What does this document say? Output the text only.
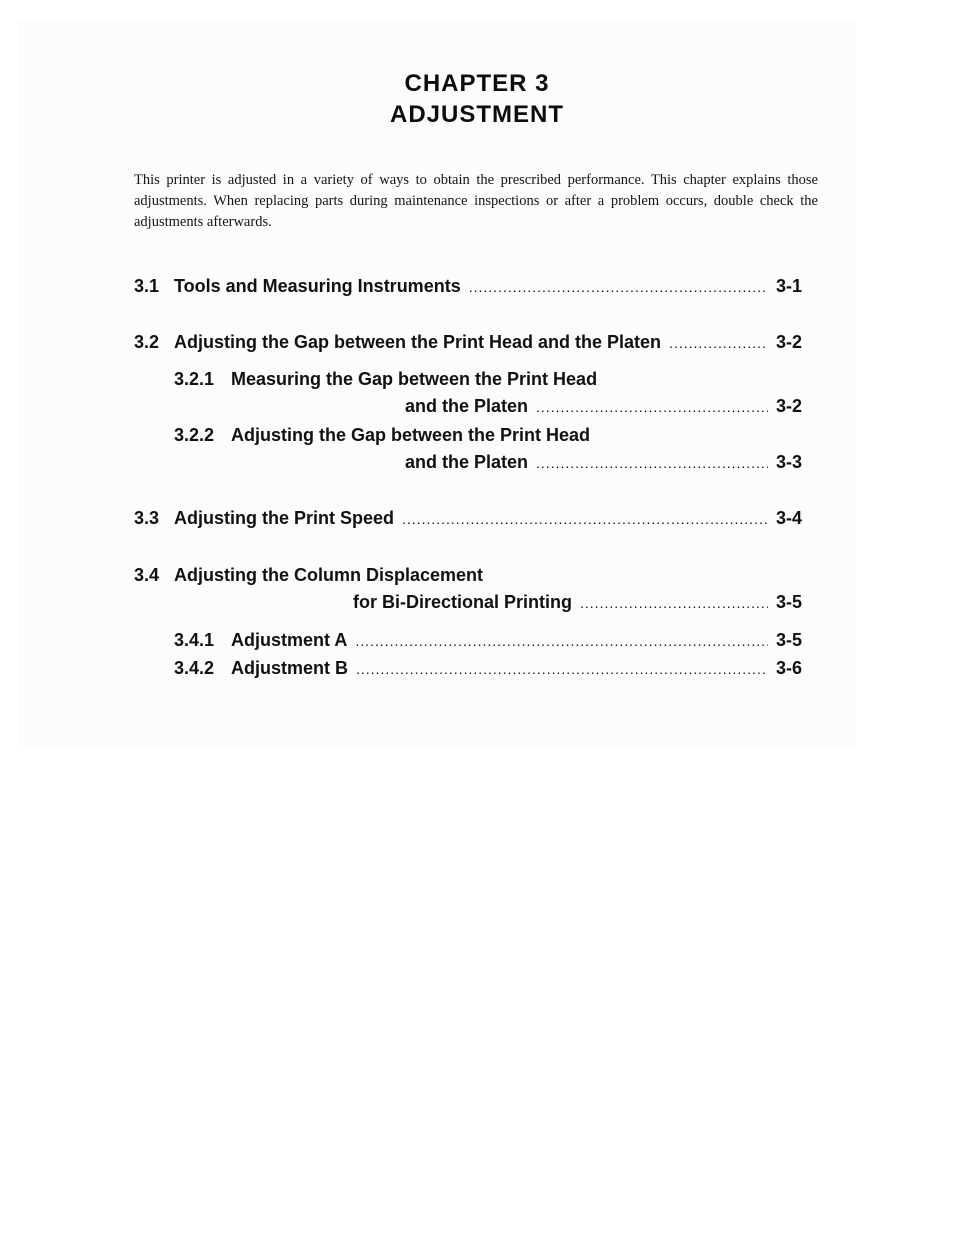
CHAPTER 3
ADJUSTMENT
This printer is adjusted in a variety of ways to obtain the prescribed performance. This chapter explains those adjustments. When replacing parts during maintenance inspections or after a problem occurs, double check the adjustments afterwards.
3.1 Tools and Measuring Instruments .....	3-1
3.2 Adjusting the Gap between the Print Head and the Platen .....	3-2
3.2.1 Measuring the Gap between the Print Head
and the Platen .....	3-2
3.2.2 Adjusting the Gap between the Print Head
and the Platen .....	3-3
3.3 Adjusting the Print Speed .....	3-4
3.4 Adjusting the Column Displacement
for Bi-Directional Printing .....	3-5
3.4.1 Adjustment A .....	3-5
3.4.2 Adjustment B .....	3-6
